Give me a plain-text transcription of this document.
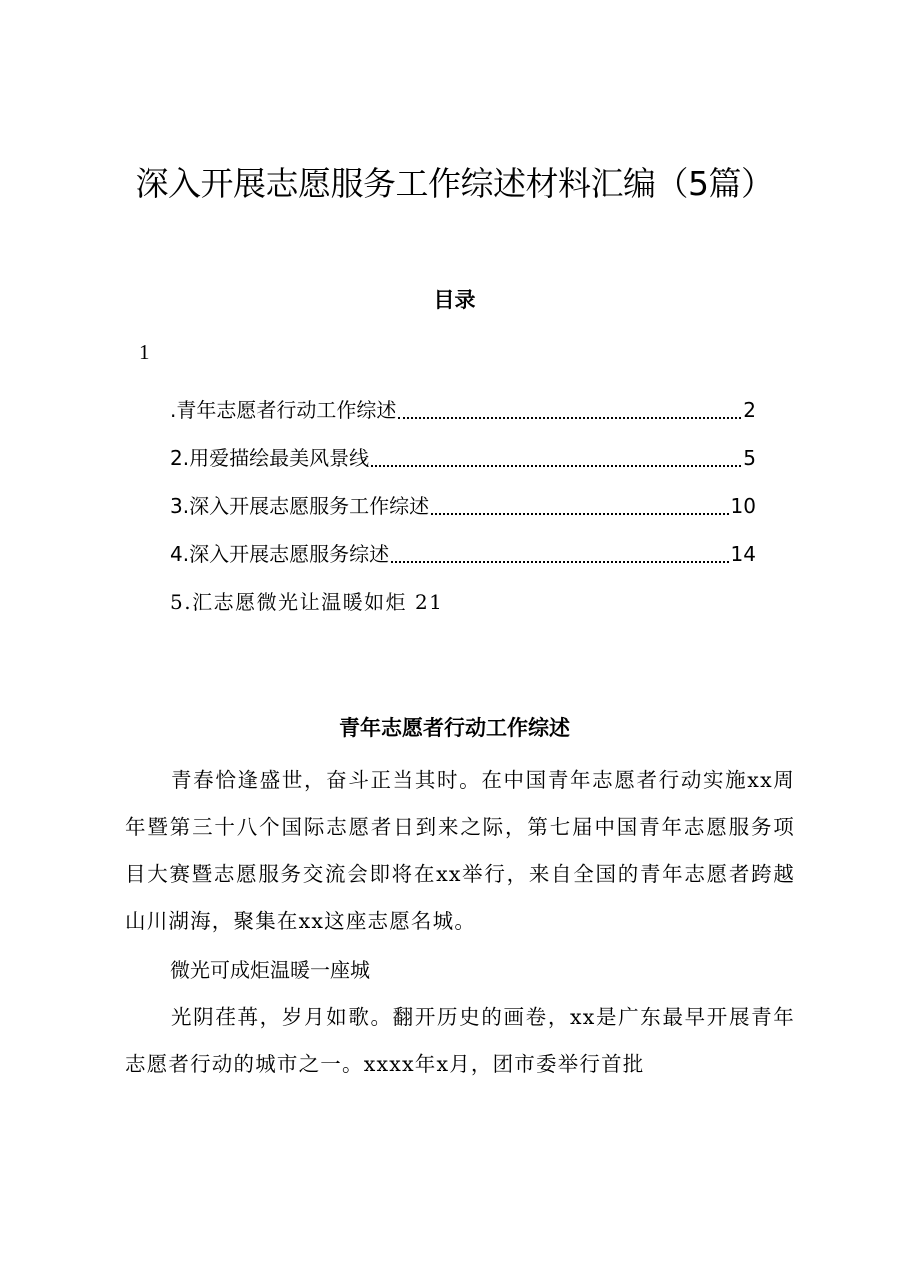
深入开展志愿服务工作综述材料汇编（5篇）
目录
1
.青年志愿者行动工作综述	2
2.用爱描绘最美风景线	5
3.深入开展志愿服务工作综述	10
4.深入开展志愿服务综述	14
5.汇志愿微光让温暖如炬 21
青年志愿者行动工作综述
青春恰逢盛世，奋斗正当其时。在中国青年志愿者行动实施xx周年暨第三十八个国际志愿者日到来之际，第七届中国青年志愿服务项目大赛暨志愿服务交流会即将在xx举行，来自全国的青年志愿者跨越山川湖海，聚集在xx这座志愿名城。
微光可成炬温暖一座城
光阴荏苒，岁月如歌。翻开历史的画卷，xx是广东最早开展青年志愿者行动的城市之一。xxxx年x月，团市委举行首批
